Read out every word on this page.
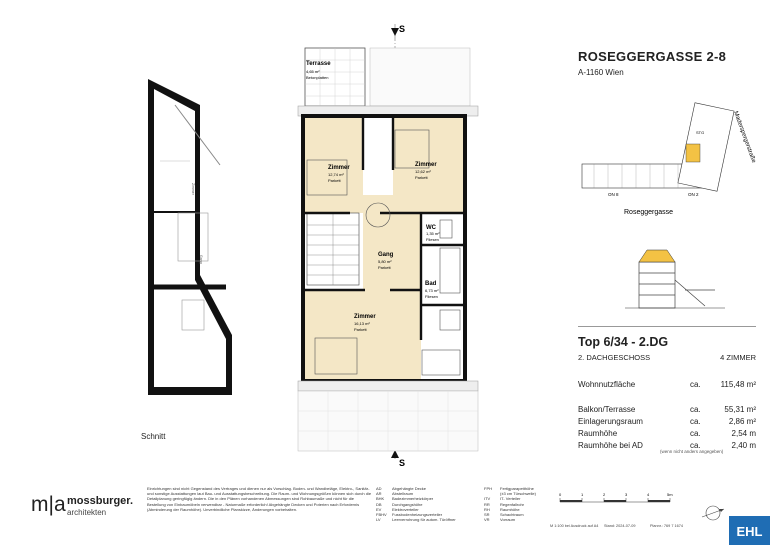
Zimmer
Gang
Schnitt
Terrasse
4,65 m²
Betonplatten
Zimmer
12,74 m²
Parkett
Zimmer
12,62 m²
Parkett
Gang
5,80 m²
Parkett
WC
1,35 m²
Fliesen
Bad
6,73 m²
Fliesen
Zimmer
16,13 m²
Parkett
S
S
ROSEGGERGASSE 2-8
A-1160 Wien
ON 8	ON 2
STG
Roseggergasse
Maderspergerstraße
Top 6/34 - 2.DG
2. DACHGESCHOSS	4 ZIMMER
Wohnnutzfläche	ca. 115,48 m²
Balkon/Terrasse	ca.	55,31 m²
Einlagerungsraum	ca.	2,86 m²
Raumhöhe	ca.	2,54 m
Raumhöhe bei AD	ca.	2,40 m
(wenn nicht anders angegeben)
m|a mossburger.
architekten
Einrichtungen sind nicht Gegenstand des Vertrages und dienen nur als Vorschlag. Boden- und Wandbeläge, Elektro-, Sanitär- und sonstige Ausstattungen laut Bau- und Ausstattungsbeschreibung. Die Raum- und Wohnungsgrößen können sich durch die Detailplanung geringfügig ändern. Die in den Plänen vorhandenen Abmessungen sind Rohbaumaße und nicht für die Bestellung von Einbaumöbeln verwendbar - Naturmaße erforderlich! Abgehängte Decken und Poterien nach Erfordernis (Abminderung der Raumhöhe). Unverbindliche Planskizze, Änderungen vorbehalten.
AD	Abgehängte Decke
AR	Abstellraum
BHK Badezimmerheizkörper
DB	Durchgangshöhe
EV	Elektroverteiler
FBHV Fussbodenheizungsverteiler
LV	Leerverrohrung für autom. Türöffner
FPH Fertigparapetthöhe
(±3 cm Türschwelle)
ITV IT- Verteiler
RR	Regenfallrohr
RH	Raumhöhe
SR	Schachtraum
VR	Vorraum
0	1	2	3	4	5m
M 1:100 bei Ausdruck auf A4 Stand: 2024-07-09	Plannr.: 769 7 1674	EHL
